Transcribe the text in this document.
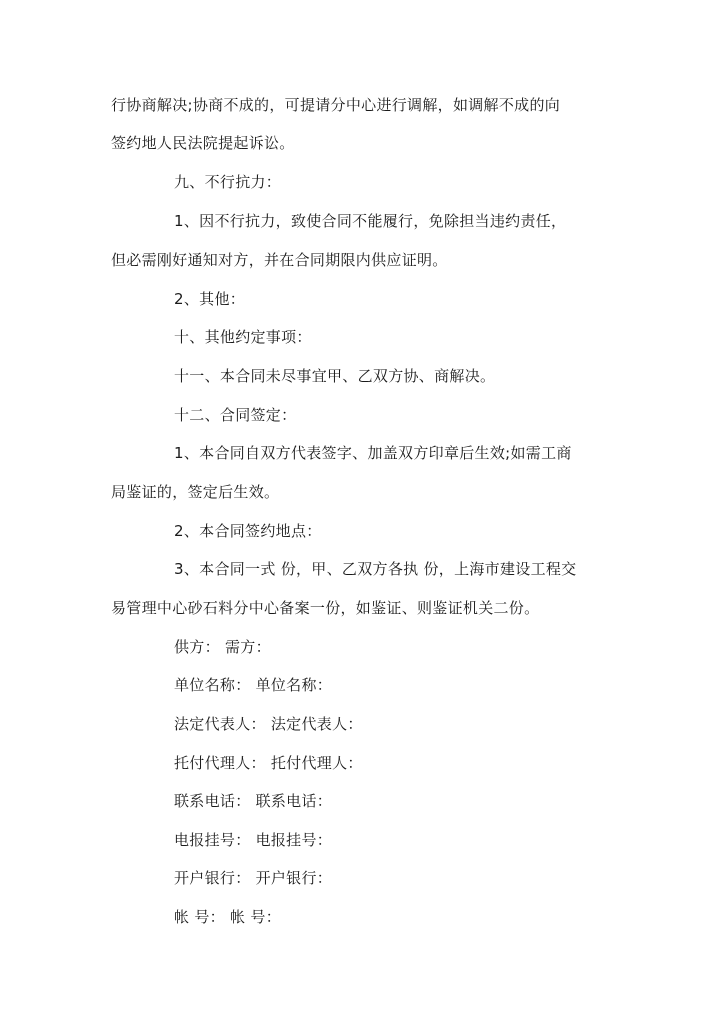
行协商解决;协商不成的，可提请分中心进行调解，如调解不成的向
签约地人民法院提起诉讼。
九、不行抗力：
1、因不行抗力，致使合同不能履行，免除担当违约责任，
但必需刚好通知对方，并在合同期限内供应证明。
2、其他：
十、其他约定事项：
十一、本合同未尽事宜甲、乙双方协、商解决。
十二、合同签定：
1、本合同自双方代表签字、加盖双方印章后生效;如需工商
局鉴证的，签定后生效。
2、本合同签约地点：
3、本合同一式 份，甲、乙双方各执 份，上海市建设工程交
易管理中心砂石料分中心备案一份，如鉴证、则鉴证机关二份。
供方： 需方：
单位名称： 单位名称：
法定代表人： 法定代表人：
托付代理人： 托付代理人：
联系电话： 联系电话：
电报挂号： 电报挂号：
开户银行： 开户银行：
帐 号： 帐 号：
